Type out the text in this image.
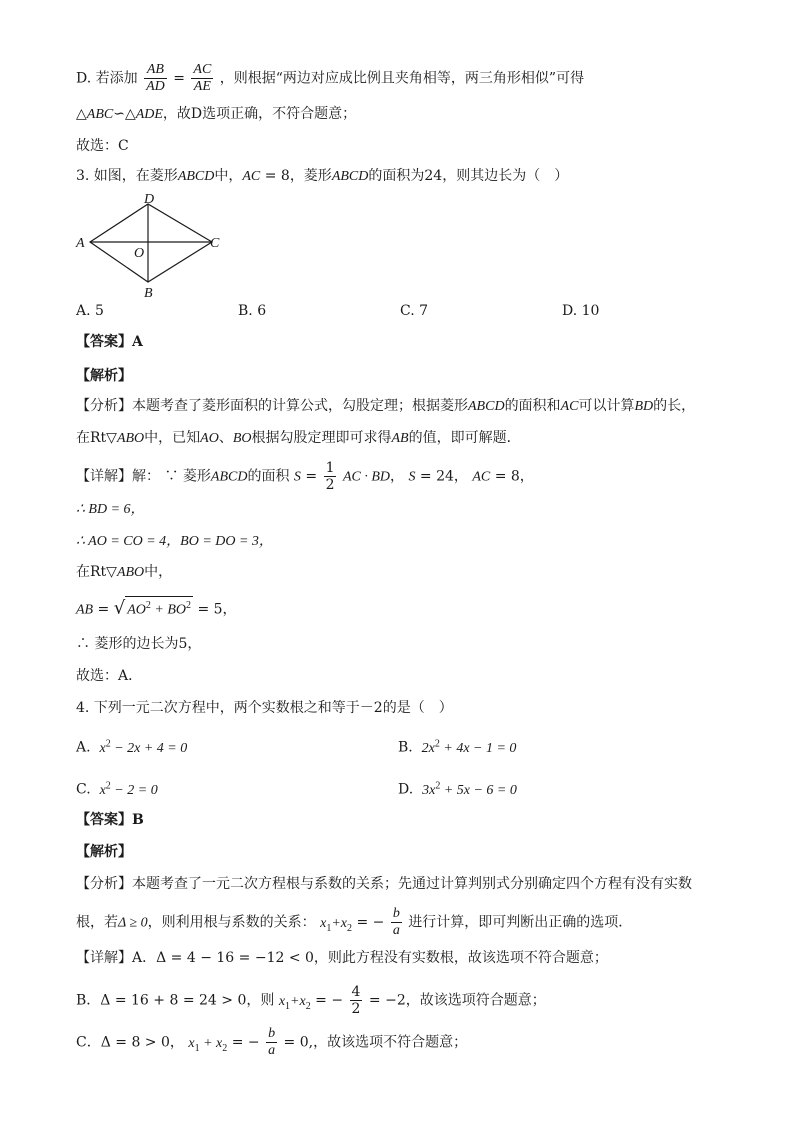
D. 若添加 $\frac{AB}{AD} = \frac{AC}{AE}$ ，则根据“两边对应成比例且夹角相等，两三角形相似”可得
△ABC∽△ADE，故D选项正确，不符合题意；
故选：C
3. 如图，在菱形ABCD中，AC = 8，菱形ABCD的面积为24，则其边长为（　）
A
B
C
D
O
A. 5	B. 6	C. 7	D. 10
【答案】A
【解析】
【分析】本题考查了菱形面积的计算公式，勾股定理；根据菱形ABCD的面积和AC可以计算BD的长，
在Rt▽ABO中，已知AO、BO根据勾股定理即可求得AB的值，即可解题．
【详解】解： ∵ 菱形ABCD的面积 $S = \frac{1}{2}$ AC · BD， S = 24， AC = 8，
∴ BD = 6，
∴ AO = CO = 4，BO = DO = 3，
在Rt▽ABO中，
AB = √ $AO^2 + BO^2 = 5$，
∴ 菱形的边长为5，
故选：A．
4. 下列一元二次方程中，两个实数根之和等于－2的是（　）
A. $x^2 - 2x + 4 = 0$	B. $2x^2 + 4x - 1 = 0$
C. $x^2 - 2 = 0$	D. $3x^2 + 5x - 6 = 0$
【答案】B
【解析】
【分析】本题考查了一元二次方程根与系数的关系；先通过计算判别式分别确定四个方程有没有实数
根，若Δ ≥ 0，则利用根与系数的关系： $x_1+x_2$ = − $\frac{b}{a}$ 进行计算，即可判断出正确的选项．
【详解】A．Δ = 4 − 16 = −12 < 0，则此方程没有实数根，故该选项不符合题意；
B．Δ = 16 + 8 = 24 > 0，则 $x_1+x_2$ = − $\frac{4}{2} = -2$，故该选项符合题意；
C．Δ = 8 > 0， $x_1 + x_2$ = − $\frac{b}{a} = 0$,，故该选项不符合题意；
